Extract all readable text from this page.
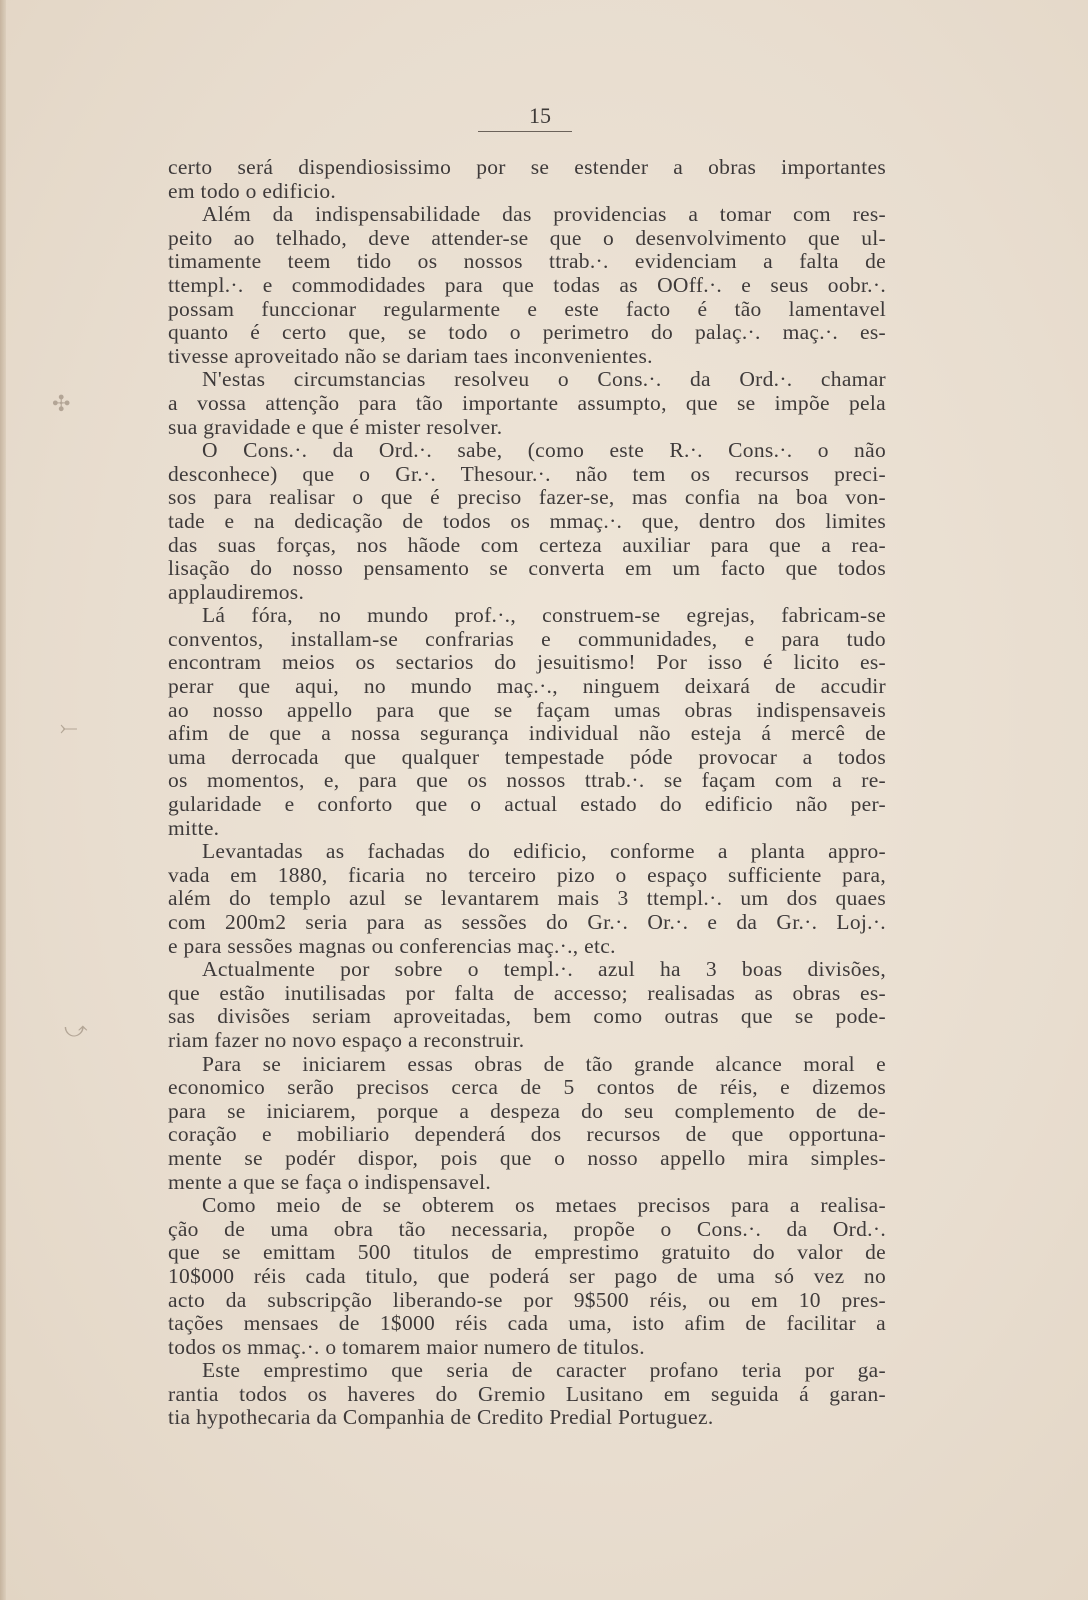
✣
⤚
⤻
15
certo será dispendiosissimo por se estender a obras importantes
em todo o edificio.
Além da indispensabilidade das providencias a tomar com res-
peito ao telhado, deve attender-se que o desenvolvimento que ul-
timamente teem tido os nossos ttrab.·. evidenciam a falta de
ttempl.·. e commodidades para que todas as OOff.·. e seus oobr.·.
possam funccionar regularmente e este facto é tão lamentavel
quanto é certo que, se todo o perimetro do palaç.·. maç.·. es-
tivesse aproveitado não se dariam taes inconvenientes.
N'estas circumstancias resolveu o Cons.·. da Ord.·. chamar
a vossa attenção para tão importante assumpto, que se impõe pela
sua gravidade e que é mister resolver.
O Cons.·. da Ord.·. sabe, (como este R.·. Cons.·. o não
desconhece) que o Gr.·. Thesour.·. não tem os recursos preci-
sos para realisar o que é preciso fazer-se, mas confia na boa von-
tade e na dedicação de todos os mmaç.·. que, dentro dos limites
das suas forças, nos hãode com certeza auxiliar para que a rea-
lisação do nosso pensamento se converta em um facto que todos
applaudiremos.
Lá fóra, no mundo prof.·., construem-se egrejas, fabricam-se
conventos, installam-se confrarias e communidades, e para tudo
encontram meios os sectarios do jesuitismo! Por isso é licito es-
perar que aqui, no mundo maç.·., ninguem deixará de accudir
ao nosso appello para que se façam umas obras indispensaveis
afim de que a nossa segurança individual não esteja á mercê de
uma derrocada que qualquer tempestade póde provocar a todos
os momentos, e, para que os nossos ttrab.·. se façam com a re-
gularidade e conforto que o actual estado do edificio não per-
mitte.
Levantadas as fachadas do edificio, conforme a planta appro-
vada em 1880, ficaria no terceiro pizo o espaço sufficiente para,
além do templo azul se levantarem mais 3 ttempl.·. um dos quaes
com 200m2 seria para as sessões do Gr.·. Or.·. e da Gr.·. Loj.·.
e para sessões magnas ou conferencias maç.·., etc.
Actualmente por sobre o templ.·. azul ha 3 boas divisões,
que estão inutilisadas por falta de accesso; realisadas as obras es-
sas divisões seriam aproveitadas, bem como outras que se pode-
riam fazer no novo espaço a reconstruir.
Para se iniciarem essas obras de tão grande alcance moral e
economico serão precisos cerca de 5 contos de réis, e dizemos
para se iniciarem, porque a despeza do seu complemento de de-
coração e mobiliario dependerá dos recursos de que opportuna-
mente se podér dispor, pois que o nosso appello mira simples-
mente a que se faça o indispensavel.
Como meio de se obterem os metaes precisos para a realisa-
ção de uma obra tão necessaria, propõe o Cons.·. da Ord.·.
que se emittam 500 titulos de emprestimo gratuito do valor de
10$000 réis cada titulo, que poderá ser pago de uma só vez no
acto da subscripção liberando-se por 9$500 réis, ou em 10 pres-
tações mensaes de 1$000 réis cada uma, isto afim de facilitar a
todos os mmaç.·. o tomarem maior numero de titulos.
Este emprestimo que seria de caracter profano teria por ga-
rantia todos os haveres do Gremio Lusitano em seguida á garan-
tia hypothecaria da Companhia de Credito Predial Portuguez.
